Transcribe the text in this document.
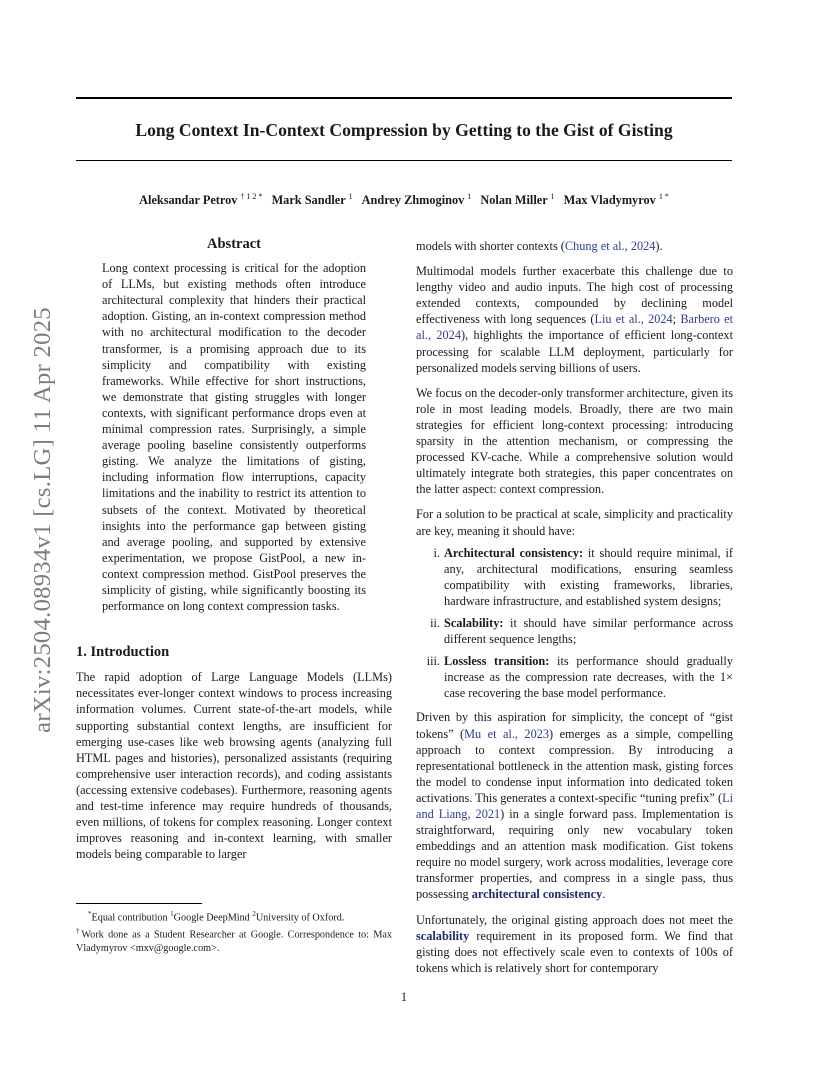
arXiv:2504.08934v1 [cs.LG] 11 Apr 2025
Long Context In-Context Compression by Getting to the Gist of Gisting
Aleksandar Petrov $^{\dagger 1 2 *}$ Mark Sandler $^1$ Andrey Zhmoginov $^1$ Nolan Miller $^1$ Max Vladymyrov $^{1 *}$
Abstract

Long context processing is critical for the adoption of LLMs, but existing methods often introduce architectural complexity that hinders their practical adoption. Gisting, an in-context compression method with no architectural modification to the decoder transformer, is a promising approach due to its simplicity and compatibility with existing frameworks. While effective for short instructions, we demonstrate that gisting struggles with longer contexts, with significant performance drops even at minimal compression rates. Surprisingly, a simple average pooling baseline consistently outperforms gisting. We analyze the limitations of gisting, including information flow interruptions, capacity limitations and the inability to restrict its attention to subsets of the context. Motivated by theoretical insights into the performance gap between gisting and average pooling, and supported by extensive experimentation, we propose GistPool, a new in-context compression method. GistPool preserves the simplicity of gisting, while significantly boosting its performance on long context compression tasks.

1. Introduction

The rapid adoption of Large Language Models (LLMs) necessitates ever-longer context windows to process increasing information volumes. Current state-of-the-art models, while supporting substantial context lengths, are insufficient for emerging use-cases like web browsing agents (analyzing full HTML pages and histories), personalized assistants (requiring comprehensive user interaction records), and coding assistants (accessing extensive codebases). Furthermore, reasoning agents and test-time inference may require hundreds of thousands, even millions, of tokens for complex reasoning. Longer context improves reasoning and in-context learning, with smaller models being comparable to larger

*Equal contribution $^1$Google DeepMind $^2$University of Oxford.
†Work done as a Student Researcher at Google. Correspondence to: Max Vladymyrov <mxv@google.com>.

models with shorter contexts (Chung et al., 2024).

Multimodal models further exacerbate this challenge due to lengthy video and audio inputs. The high cost of processing extended contexts, compounded by declining model effectiveness with long sequences (Liu et al., 2024; Barbero et al., 2024), highlights the importance of efficient long-context processing for scalable LLM deployment, particularly for personalized models serving billions of users.

We focus on the decoder-only transformer architecture, given its role in most leading models. Broadly, there are two main strategies for efficient long-context processing: introducing sparsity in the attention mechanism, or compressing the processed KV-cache. While a comprehensive solution would ultimately integrate both strategies, this paper concentrates on the latter aspect: context compression.

For a solution to be practical at scale, simplicity and practicality are key, meaning it should have:

i. Architectural consistency: it should require minimal, if any, architectural modifications, ensuring seamless compatibility with existing frameworks, libraries, hardware infrastructure, and established system designs;
ii. Scalability: it should have similar performance across different sequence lengths;
iii. Lossless transition: its performance should gradually increase as the compression rate decreases, with the 1× case recovering the base model performance.

Driven by this aspiration for simplicity, the concept of “gist tokens” (Mu et al., 2023) emerges as a simple, compelling approach to context compression. By introducing a representational bottleneck in the attention mask, gisting forces the model to condense input information into dedicated token activations. This generates a context-specific “tuning prefix” (Li and Liang, 2021) in a single forward pass. Implementation is straightforward, requiring only new vocabulary token embeddings and an attention mask modification. Gist tokens require no model surgery, work across modalities, leverage core transformer properties, and compress in a single pass, thus possessing architectural consistency.

Unfortunately, the original gisting approach does not meet the scalability requirement in its proposed form. We find that gisting does not effectively scale even to contexts of 100s of tokens which is relatively short for contemporary

1
